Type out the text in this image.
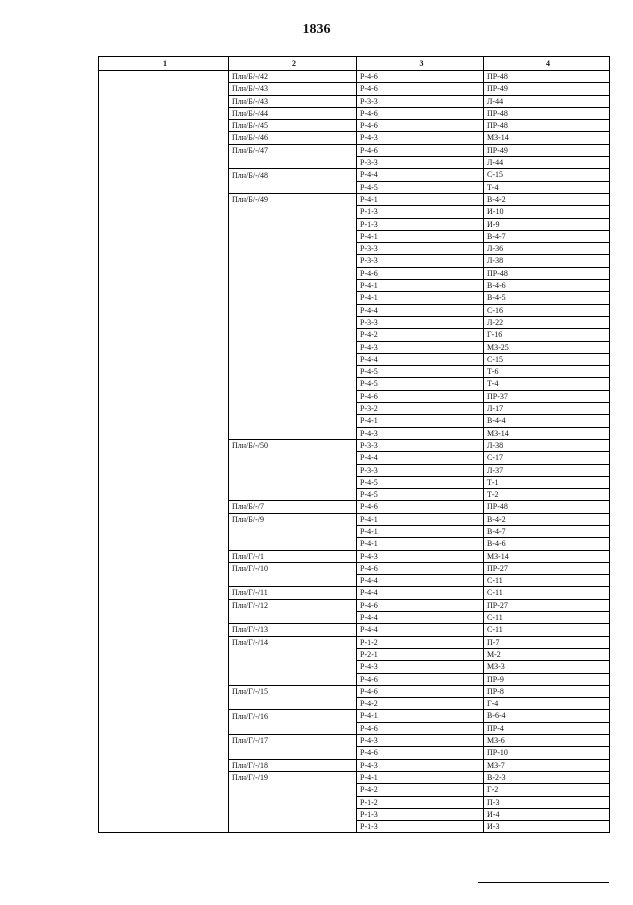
1836
1	2	3	4
	Плн/Б/-/42	Р-4-6	ПР-48
	Плн/Б/-/43	Р-4-6	ПР-49
	Плн/Б/-/43	Р-3-3	Л-44
	Плн/Б/-/44	Р-4-6	ПР-48
	Плн/Б/-/45	Р-4-6	ПР-48
	Плн/Б/-/46	Р-4-3	МЗ-14
	Плн/Б/-/47	Р-4-6	ПР-49
		Р-3-3	Л-44
	Плн/Б/-/48	Р-4-4	С-15
		Р-4-5	Т-4
	Плн/Б/-/49	Р-4-1	В-4-2
		Р-1-3	И-10
		Р-1-3	И-9
		Р-4-1	В-4-7
		Р-3-3	Л-36
		Р-3-3	Л-38
		Р-4-6	ПР-48
		Р-4-1	В-4-6
		Р-4-1	В-4-5
		Р-4-4	С-16
		Р-3-3	Л-22
		Р-4-2	Г-16
		Р-4-3	МЗ-25
		Р-4-4	С-15
		Р-4-5	Т-6
		Р-4-5	Т-4
		Р-4-6	ПР-37
		Р-3-2	Л-17
		Р-4-1	В-4-4
		Р-4-3	МЗ-14
	Плн/Б/-/50	Р-3-3	Л-38
		Р-4-4	С-17
		Р-3-3	Л-37
		Р-4-5	Т-1
		Р-4-5	Т-2
	Плн/Б/-/7	Р-4-6	ПР-48
	Плн/Б/-/9	Р-4-1	В-4-2
		Р-4-1	В-4-7
		Р-4-1	В-4-6
	Плн/Г/-/1	Р-4-3	МЗ-14
	Плн/Г/-/10	Р-4-6	ПР-27
		Р-4-4	С-11
	Плн/Г/-/11	Р-4-4	С-11
	Плн/Г/-/12	Р-4-6	ПР-27
		Р-4-4	С-11
	Плн/Г/-/13	Р-4-4	С-11
	Плн/Г/-/14	Р-1-2	П-7
		Р-2-1	М-2
		Р-4-3	МЗ-3
		Р-4-6	ПР-9
	Плн/Г/-/15	Р-4-6	ПР-8
		Р-4-2	Г-4
	Плн/Г/-/16	Р-4-1	В-6-4
		Р-4-6	ПР-4
	Плн/Г/-/17	Р-4-3	МЗ-6
		Р-4-6	ПР-10
	Плн/Г/-/18	Р-4-3	МЗ-7
	Плн/Г/-/19	Р-4-1	В-2-3
		Р-4-2	Г-2
		Р-1-2	П-3
		Р-1-3	И-4
		Р-1-3	И-3
